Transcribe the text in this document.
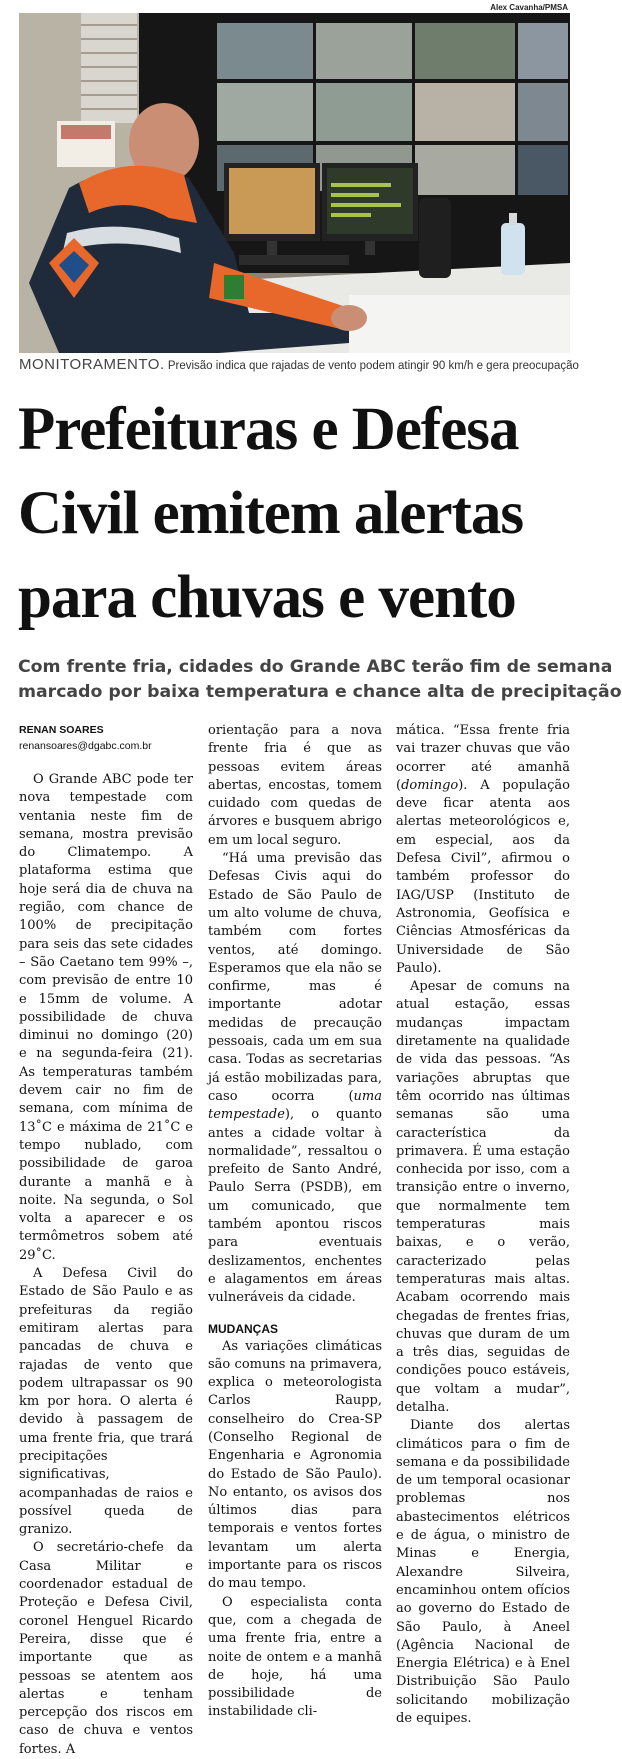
Alex Cavanha/PMSA
MONITORAMENTO. Previsão indica que rajadas de vento podem atingir 90 km/h e gera preocupação
Prefeituras e Defesa
Civil emitem alertas
para chuvas e vento
Com frente fria, cidades do Grande ABC terão fim de semana
marcado por baixa temperatura e chance alta de precipitação
RENAN SOARES
renansoares@dgabc.com.br

O Grande ABC pode ter nova tempestade com ventania neste fim de semana, mostra previsão do Climatempo. A plataforma estima que hoje será dia de chuva na região, com chance de 100% de precipitação para seis das sete cidades – São Caetano tem 99% –, com previsão de entre 10 e 15mm de volume. A possibilidade de chuva diminui no domingo (20) e na segunda-feira (21). As temperaturas também devem cair no fim de semana, com mínima de 13˚C e máxima de 21˚C e tempo nublado, com possibilidade de garoa durante a manhã e à noite. Na segunda, o Sol volta a aparecer e os termômetros sobem até 29˚C.

A Defesa Civil do Estado de São Paulo e as prefeituras da região emitiram alertas para pancadas de chuva e rajadas de vento que podem ultrapassar os 90 km por hora. O alerta é devido à passagem de uma frente fria, que trará precipitações significativas, acompanhadas de raios e possível queda de granizo.

O secretário-chefe da Casa Militar e coordenador estadual de Proteção e Defesa Civil, coronel Henguel Ricardo Pereira, disse que é importante que as pessoas se atentem aos alertas e tenham percepção dos riscos em caso de chuva e ventos fortes. A

orientação para a nova frente fria é que as pessoas evitem áreas abertas, encostas, tomem cuidado com quedas de árvores e busquem abrigo em um local seguro.

“Há uma previsão das Defesas Civis aqui do Estado de São Paulo de um alto volume de chuva, também com fortes ventos, até domingo. Esperamos que ela não se confirme, mas é importante adotar medidas de precaução pessoais, cada um em sua casa. Todas as secretarias já estão mobilizadas para, caso ocorra (uma tempestade), o quanto antes a cidade voltar à normalidade”, ressaltou o prefeito de Santo André, Paulo Serra (PSDB), em um comunicado, que também apontou riscos para eventuais deslizamentos, enchentes e alagamentos em áreas vulneráveis da cidade.

MUDANÇAS

As variações climáticas são comuns na primavera, explica o meteorologista Carlos Raupp, conselheiro do Crea-SP (Conselho Regional de Engenharia e Agronomia do Estado de São Paulo). No entanto, os avisos dos últimos dias para temporais e ventos fortes levantam um alerta importante para os riscos do mau tempo.

O especialista conta que, com a chegada de uma frente fria, entre a noite de ontem e a manhã de hoje, há uma possibilidade de instabilidade cli-

mática. “Essa frente fria vai trazer chuvas que vão ocorrer até amanhã (domingo). A população deve ficar atenta aos alertas meteorológicos e, em especial, aos da Defesa Civil”, afirmou o também professor do IAG/USP (Instituto de Astronomia, Geofísica e Ciências Atmosféricas da Universidade de São Paulo).

Apesar de comuns na atual estação, essas mudanças impactam diretamente na qualidade de vida das pessoas. “As variações abruptas que têm ocorrido nas últimas semanas são uma característica da primavera. É uma estação conhecida por isso, com a transição entre o inverno, que normalmente tem temperaturas mais baixas, e o verão, caracterizado pelas temperaturas mais altas. Acabam ocorrendo mais chegadas de frentes frias, chuvas que duram de um a três dias, seguidas de condições pouco estáveis, que voltam a mudar”, detalha.

Diante dos alertas climáticos para o fim de semana e da possibilidade de um temporal ocasionar problemas nos abastecimentos elétricos e de água, o ministro de Minas e Energia, Alexandre Silveira, encaminhou ontem ofícios ao governo do Estado de São Paulo, à Aneel (Agência Nacional de Energia Elétrica) e à Enel Distribuição São Paulo solicitando mobilização de equipes.
